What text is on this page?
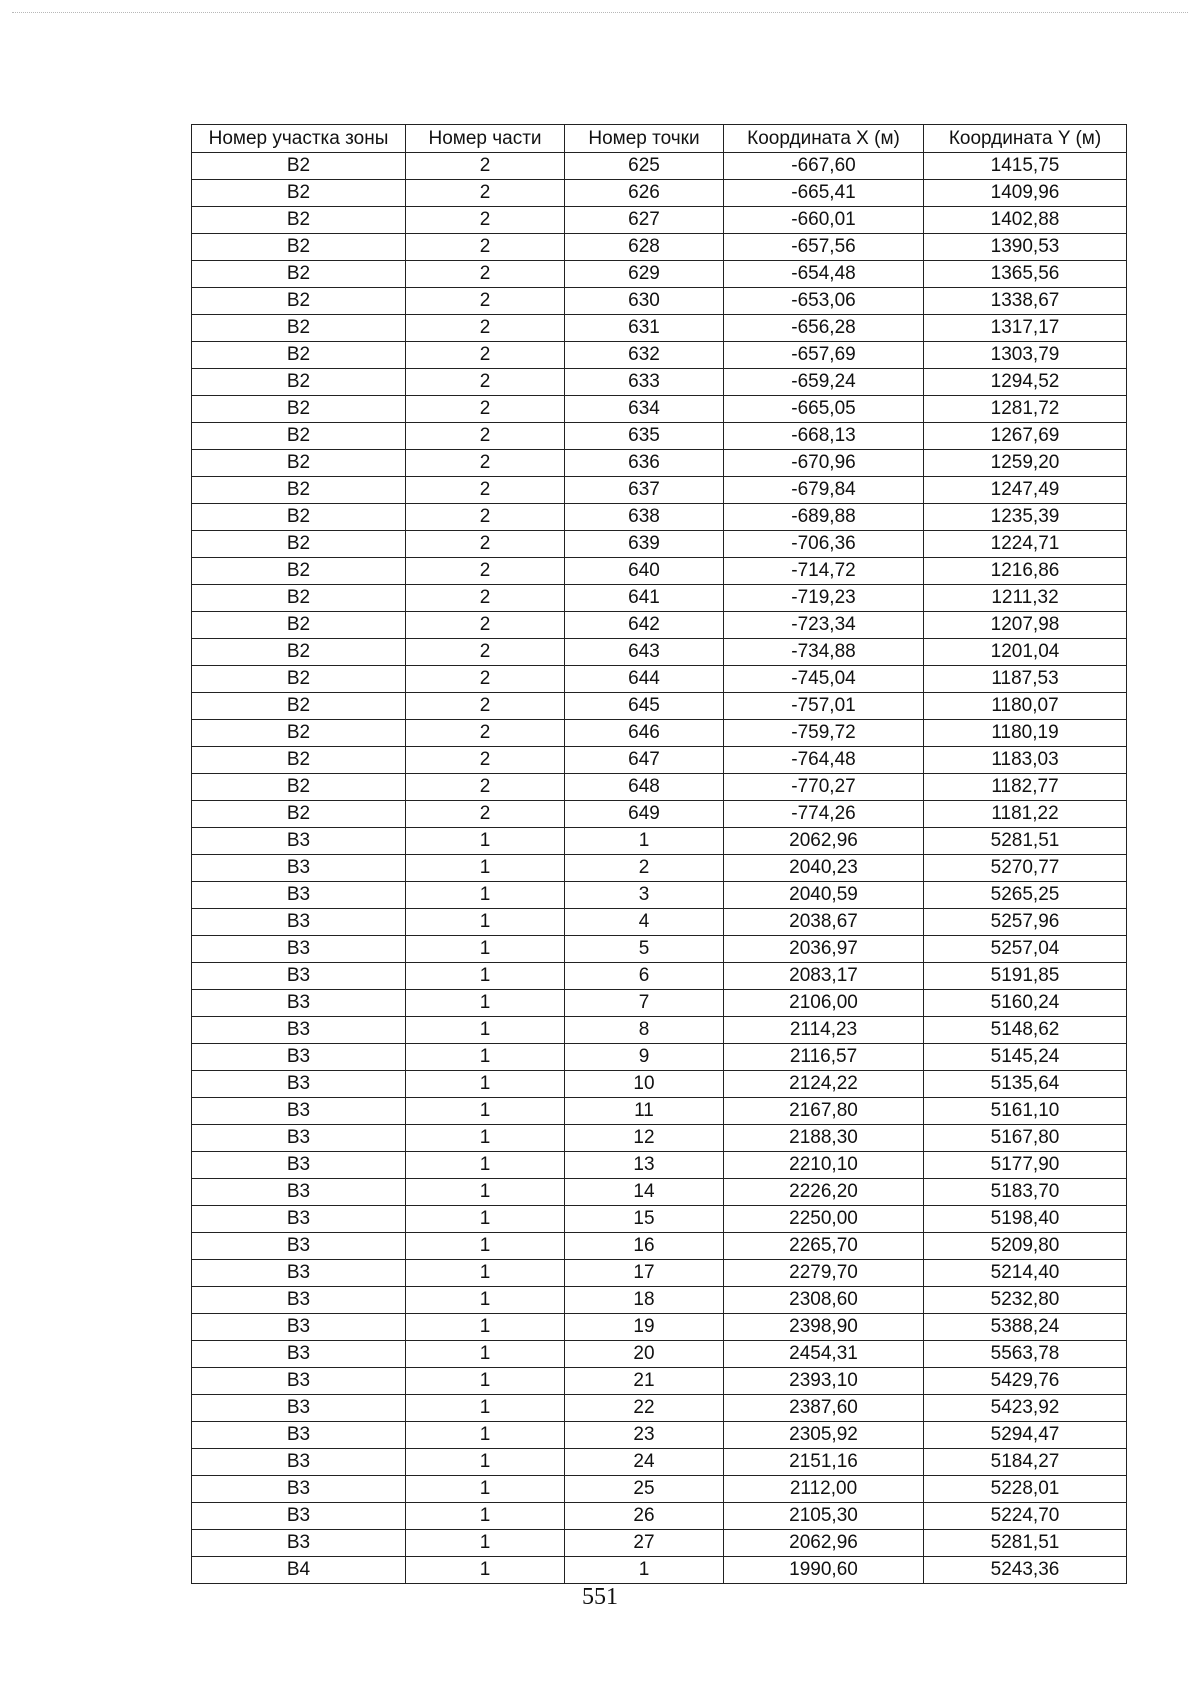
Номер участка зоны	Номер части	Номер точки	Координата X (м)	Координата Y (м)
В2	2	625	-667,60	1415,75
В2	2	626	-665,41	1409,96
В2	2	627	-660,01	1402,88
В2	2	628	-657,56	1390,53
В2	2	629	-654,48	1365,56
В2	2	630	-653,06	1338,67
В2	2	631	-656,28	1317,17
В2	2	632	-657,69	1303,79
В2	2	633	-659,24	1294,52
В2	2	634	-665,05	1281,72
В2	2	635	-668,13	1267,69
В2	2	636	-670,96	1259,20
В2	2	637	-679,84	1247,49
В2	2	638	-689,88	1235,39
В2	2	639	-706,36	1224,71
В2	2	640	-714,72	1216,86
В2	2	641	-719,23	1211,32
В2	2	642	-723,34	1207,98
В2	2	643	-734,88	1201,04
В2	2	644	-745,04	1187,53
В2	2	645	-757,01	1180,07
В2	2	646	-759,72	1180,19
В2	2	647	-764,48	1183,03
В2	2	648	-770,27	1182,77
В2	2	649	-774,26	1181,22
В3	1	1	2062,96	5281,51
В3	1	2	2040,23	5270,77
В3	1	3	2040,59	5265,25
В3	1	4	2038,67	5257,96
В3	1	5	2036,97	5257,04
В3	1	6	2083,17	5191,85
В3	1	7	2106,00	5160,24
В3	1	8	2114,23	5148,62
В3	1	9	2116,57	5145,24
В3	1	10	2124,22	5135,64
В3	1	11	2167,80	5161,10
В3	1	12	2188,30	5167,80
В3	1	13	2210,10	5177,90
В3	1	14	2226,20	5183,70
В3	1	15	2250,00	5198,40
В3	1	16	2265,70	5209,80
В3	1	17	2279,70	5214,40
В3	1	18	2308,60	5232,80
В3	1	19	2398,90	5388,24
В3	1	20	2454,31	5563,78
В3	1	21	2393,10	5429,76
В3	1	22	2387,60	5423,92
В3	1	23	2305,92	5294,47
В3	1	24	2151,16	5184,27
В3	1	25	2112,00	5228,01
В3	1	26	2105,30	5224,70
В3	1	27	2062,96	5281,51
В4	1	1	1990,60	5243,36
551
